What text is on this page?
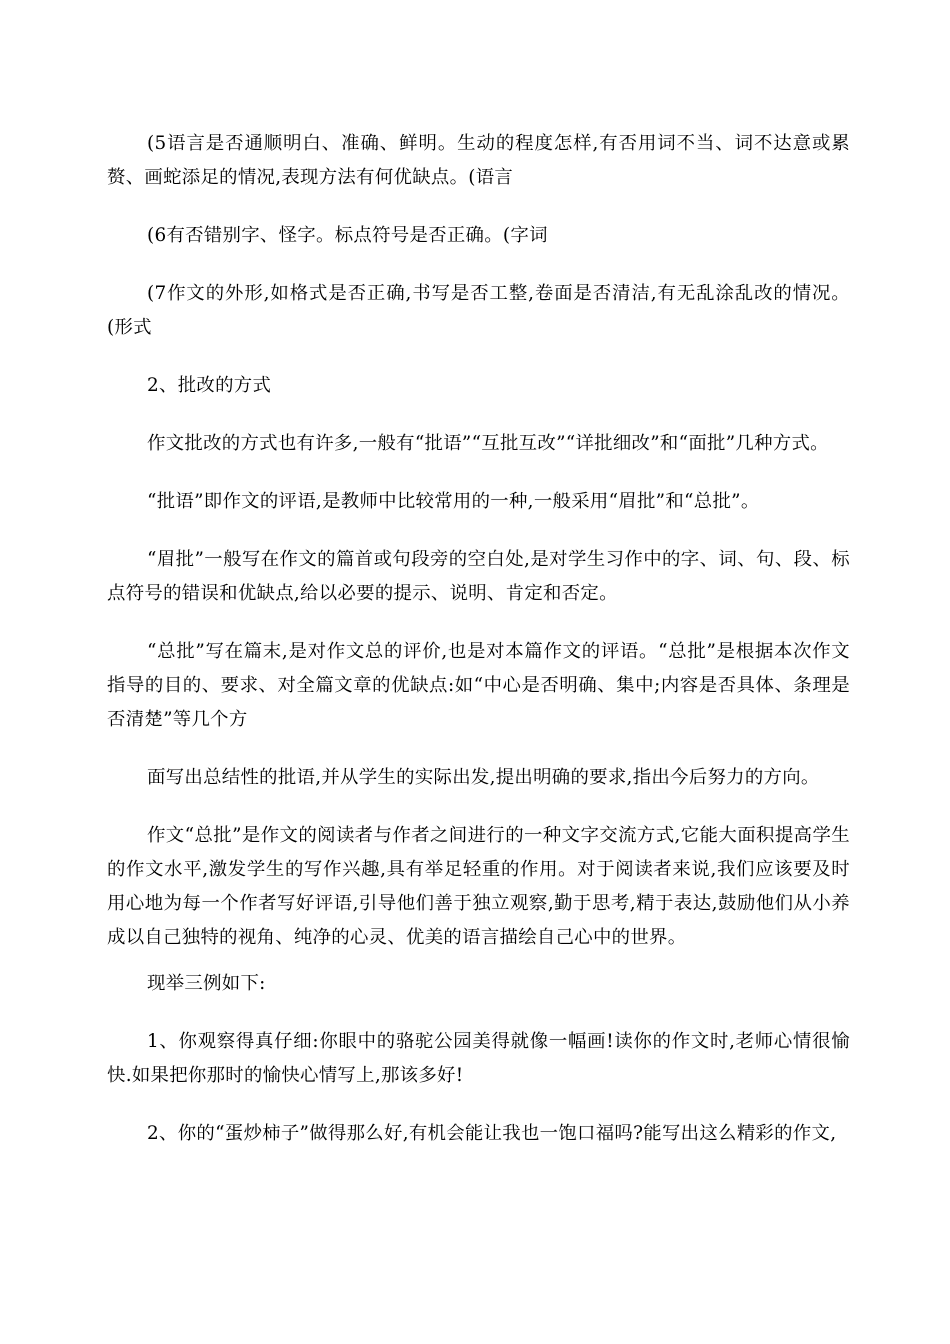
(5语言是否通顺明白、准确、鲜明。生动的程度怎样,有否用词不当、词不达意或累赘、画蛇添足的情况,表现方法有何优缺点。(语言

(6有否错别字、怪字。标点符号是否正确。(字词

(7作文的外形,如格式是否正确,书写是否工整,卷面是否清洁,有无乱涂乱改的情况。(形式

2、批改的方式

作文批改的方式也有许多,一般有“批语”“互批互改”“详批细改”和“面批”几种方式。

“批语”即作文的评语,是教师中比较常用的一种,一般采用“眉批”和“总批”。

“眉批”一般写在作文的篇首或句段旁的空白处,是对学生习作中的字、词、句、段、标点符号的错误和优缺点,给以必要的提示、说明、肯定和否定。

“总批”写在篇末,是对作文总的评价,也是对本篇作文的评语。“总批”是根据本次作文指导的目的、要求、对全篇文章的优缺点:如“中心是否明确、集中;内容是否具体、条理是否清楚”等几个方

面写出总结性的批语,并从学生的实际出发,提出明确的要求,指出今后努力的方向。

作文“总批”是作文的阅读者与作者之间进行的一种文字交流方式,它能大面积提高学生的作文水平,激发学生的写作兴趣,具有举足轻重的作用。对于阅读者来说,我们应该要及时用心地为每一个作者写好评语,引导他们善于独立观察,勤于思考,精于表达,鼓励他们从小养成以自己独特的视角、纯净的心灵、优美的语言描绘自己心中的世界。

现举三例如下:

1、你观察得真仔细:你眼中的骆驼公园美得就像一幅画!读你的作文时,老师心情很愉快.如果把你那时的愉快心情写上,那该多好!

2、你的“蛋炒柿子”做得那么好,有机会能让我也一饱口福吗?能写出这么精彩的作文,
